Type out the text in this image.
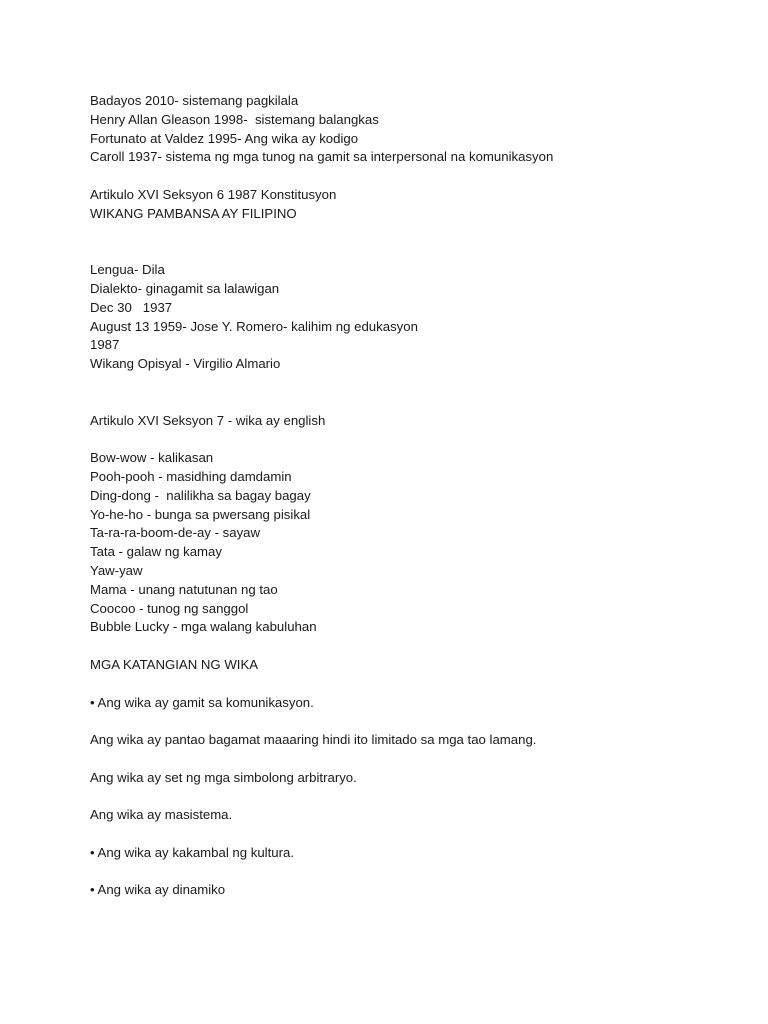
Badayos 2010- sistemang pagkilala

Henry Allan Gleason 1998-  sistemang balangkas

Fortunato at Valdez 1995- Ang wika ay kodigo

Caroll 1937- sistema ng mga tunog na gamit sa interpersonal na komunikasyon

Artikulo XVI Seksyon 6 1987 Konstitusyon

WIKANG PAMBANSA AY FILIPINO

Lengua- Dila

Dialekto- ginagamit sa lalawigan

Dec 30   1937

August 13 1959- Jose Y. Romero- kalihim ng edukasyon

1987

Wikang Opisyal - Virgilio Almario

Artikulo XVI Seksyon 7 - wika ay english

Bow-wow - kalikasan

Pooh-pooh - masidhing damdamin

Ding-dong -  nalilikha sa bagay bagay

Yo-he-ho - bunga sa pwersang pisikal

Ta-ra-ra-boom-de-ay - sayaw

Tata - galaw ng kamay

Yaw-yaw

Mama - unang natutunan ng tao

Coocoo - tunog ng sanggol

Bubble Lucky - mga walang kabuluhan

MGA KATANGIAN NG WIKA

• Ang wika ay gamit sa komunikasyon.

Ang wika ay pantao bagamat maaaring hindi ito limitado sa mga tao lamang.

Ang wika ay set ng mga simbolong arbitraryo.

Ang wika ay masistema.

• Ang wika ay kakambal ng kultura.

• Ang wika ay dinamiko
